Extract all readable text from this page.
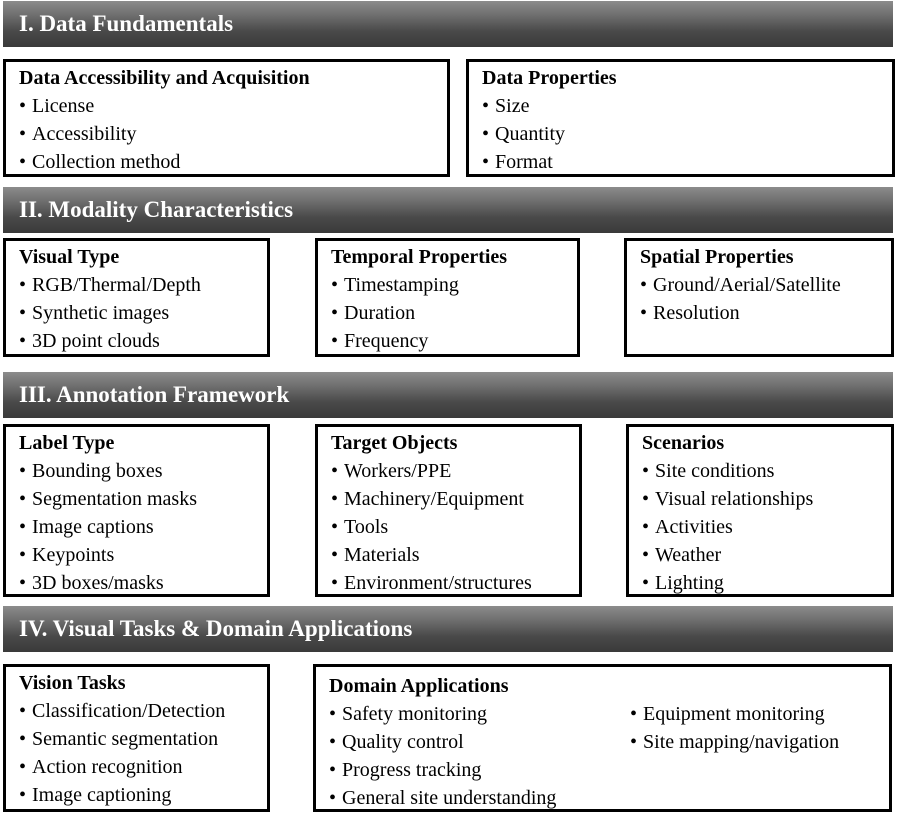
I. Data Fundamentals
Data Accessibility and Acquisition
• License
• Accessibility
• Collection method
Data Properties
• Size
• Quantity
• Format
II. Modality Characteristics
Visual Type
• RGB/Thermal/Depth
• Synthetic images
• 3D point clouds
Temporal Properties
• Timestamping
• Duration
• Frequency
Spatial Properties
• Ground/Aerial/Satellite
• Resolution
III. Annotation Framework
Label Type
• Bounding boxes
• Segmentation masks
• Image captions
• Keypoints
• 3D boxes/masks
Target Objects
• Workers/PPE
• Machinery/Equipment
• Tools
• Materials
• Environment/structures
Scenarios
• Site conditions
• Visual relationships
• Activities
• Weather
• Lighting
IV. Visual Tasks & Domain Applications
Vision Tasks
• Classification/Detection
• Semantic segmentation
• Action recognition
• Image captioning
Domain Applications
• Safety monitoring
• Quality control
• Progress tracking
• General site understanding
• Equipment monitoring
• Site mapping/navigation
